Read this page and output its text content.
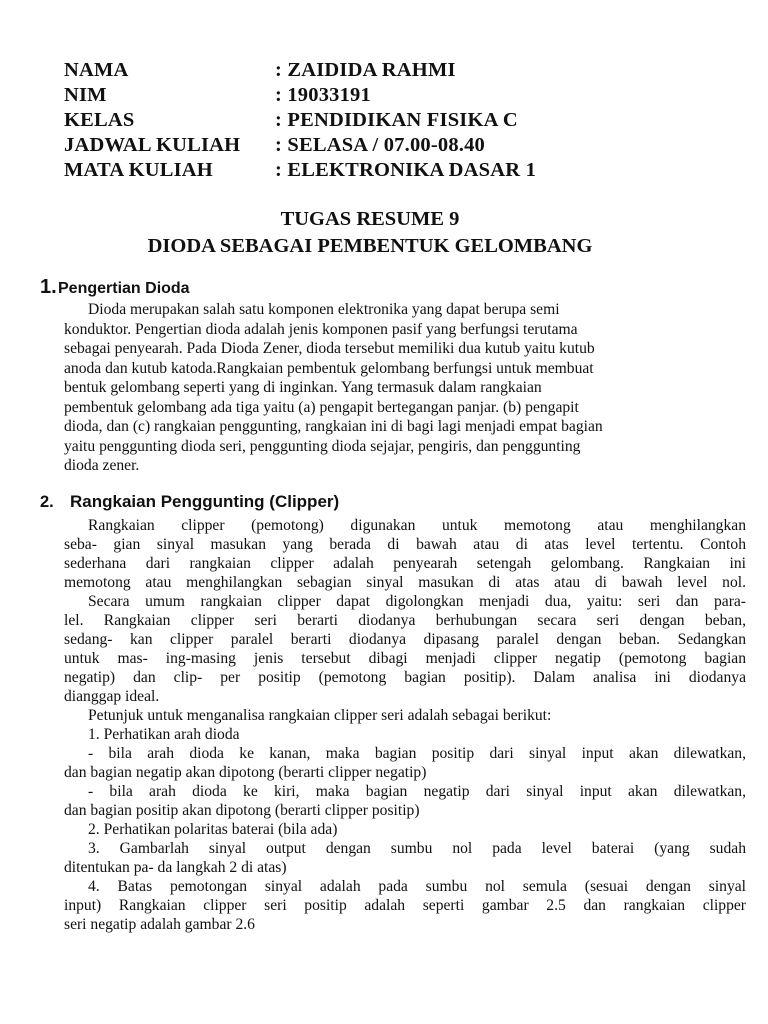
NAMA	: ZAIDIDA RAHMI
NIM	: 19033191
KELAS	: PENDIDIKAN FISIKA C
JADWAL KULIAH	: SELASA / 07.00-08.40
MATA KULIAH	: ELEKTRONIKA DASAR 1
TUGAS RESUME 9
DIODA SEBAGAI PEMBENTUK GELOMBANG
1. Pengertian Dioda
Dioda merupakan salah satu komponen elektronika yang dapat berupa semi
konduktor. Pengertian dioda adalah jenis komponen pasif yang berfungsi terutama
sebagai penyearah. Pada Dioda Zener, dioda tersebut memiliki dua kutub yaitu kutub
anoda dan kutub katoda.Rangkaian pembentuk gelombang berfungsi untuk membuat
bentuk gelombang seperti yang di inginkan. Yang termasuk dalam rangkaian
pembentuk gelombang ada tiga yaitu (a) pengapit bertegangan panjar. (b) pengapit
dioda, dan (c) rangkaian penggunting, rangkaian ini di bagi lagi menjadi empat bagian
yaitu penggunting dioda seri, penggunting dioda sejajar, pengiris, dan penggunting
dioda zener.
2. Rangkaian Penggunting (Clipper)
Rangkaian clipper (pemotong) digunakan untuk memotong atau menghilangkan
seba- gian sinyal masukan yang berada di bawah atau di atas level tertentu. Contoh
sederhana dari rangkaian clipper adalah penyearah setengah gelombang. Rangkaian ini
memotong atau menghilangkan sebagian sinyal masukan di atas atau di bawah level nol.
Secara umum rangkaian clipper dapat digolongkan menjadi dua, yaitu: seri dan para-
lel. Rangkaian clipper seri berarti diodanya berhubungan secara seri dengan beban,
sedang- kan clipper paralel berarti diodanya dipasang paralel dengan beban. Sedangkan
untuk mas- ing-masing jenis tersebut dibagi menjadi clipper negatip (pemotong bagian
negatip) dan clip- per positip (pemotong bagian positip). Dalam analisa ini diodanya
dianggap ideal.
Petunjuk untuk menganalisa rangkaian clipper seri adalah sebagai berikut:
1. Perhatikan arah dioda
- bila arah dioda ke kanan, maka bagian positip dari sinyal input akan dilewatkan,
dan bagian negatip akan dipotong (berarti clipper negatip)
- bila arah dioda ke kiri, maka bagian negatip dari sinyal input akan dilewatkan,
dan bagian positip akan dipotong (berarti clipper positip)
2. Perhatikan polaritas baterai (bila ada)
3. Gambarlah sinyal output dengan sumbu nol pada level baterai (yang sudah
ditentukan pa- da langkah 2 di atas)
4. Batas pemotongan sinyal adalah pada sumbu nol semula (sesuai dengan sinyal
input) Rangkaian clipper seri positip adalah seperti gambar 2.5 dan rangkaian clipper
seri negatip adalah gambar 2.6
